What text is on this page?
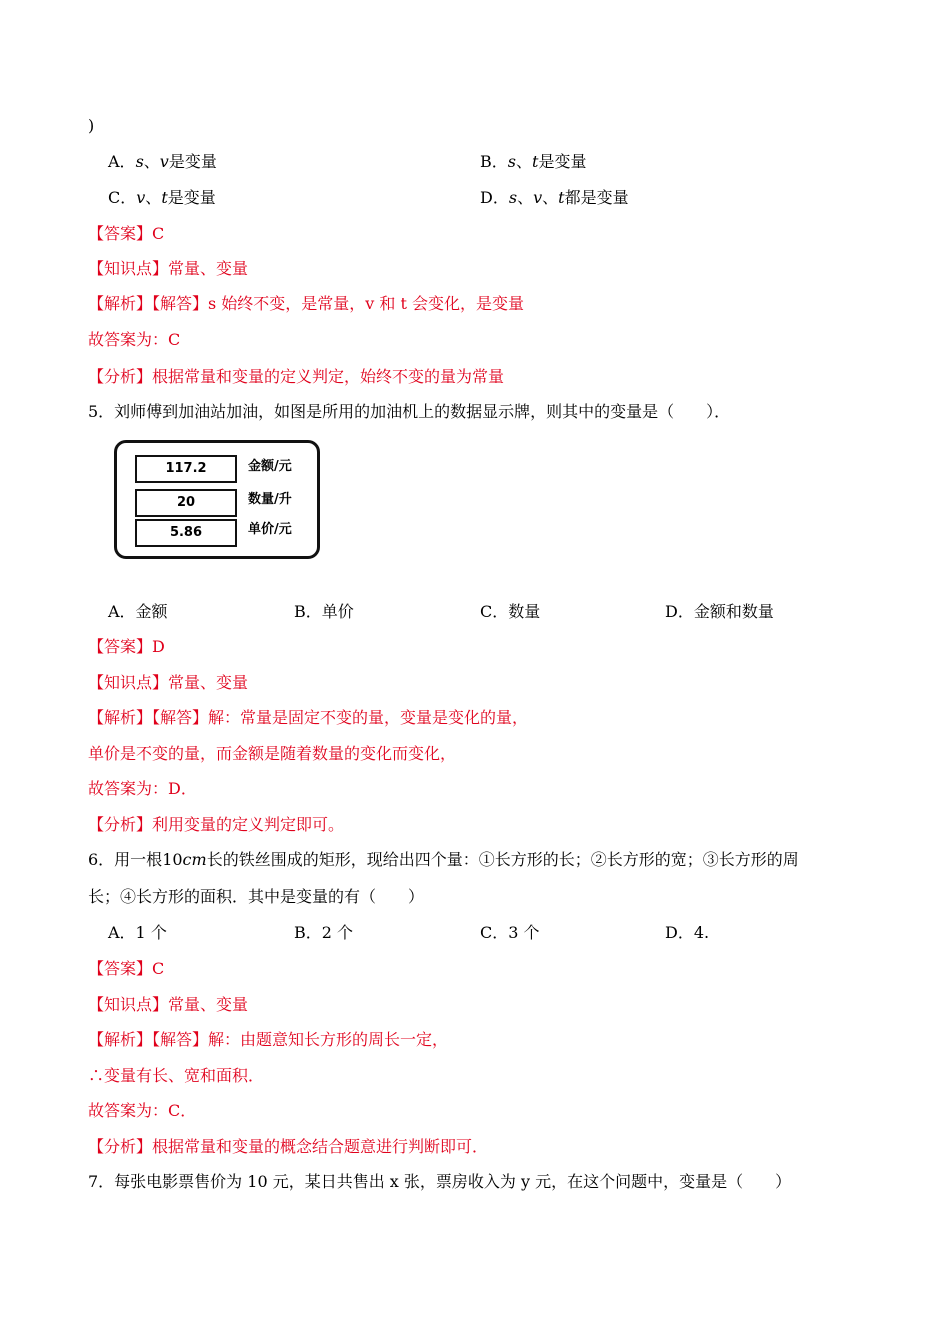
)
A．s、v是变量	B．s、t是变量
C．v、t是变量	D．s、v、t都是变量
【答案】C
【知识点】常量、变量
【解析】【解答】s 始终不变，是常量，v 和 t 会变化，是变量
故答案为：C
【分析】根据常量和变量的定义判定，始终不变的量为常量
5．刘师傅到加油站加油，如图是所用的加油机上的数据显示牌，则其中的变量是（　　）．
117.2	金额/元
20	数量/升
5.86	单价/元
A．金额	B．单价	C．数量	D．金额和数量
【答案】D
【知识点】常量、变量
【解析】【解答】解：常量是固定不变的量，变量是变化的量，
单价是不变的量，而金额是随着数量的变化而变化，
故答案为：D．
【分析】利用变量的定义判定即可。
6．用一根10cm长的铁丝围成的矩形，现给出四个量：①长方形的长；②长方形的宽；③长方形的周
长；④长方形的面积．其中是变量的有（　　）
A．1 个	B．2 个	C．3 个	D．4.
【答案】C
【知识点】常量、变量
【解析】【解答】解：由题意知长方形的周长一定，
∴变量有长、宽和面积．
故答案为：C．
【分析】根据常量和变量的概念结合题意进行判断即可．
7．每张电影票售价为 10 元，某日共售出 x 张，票房收入为 y 元，在这个问题中，变量是（　　）
